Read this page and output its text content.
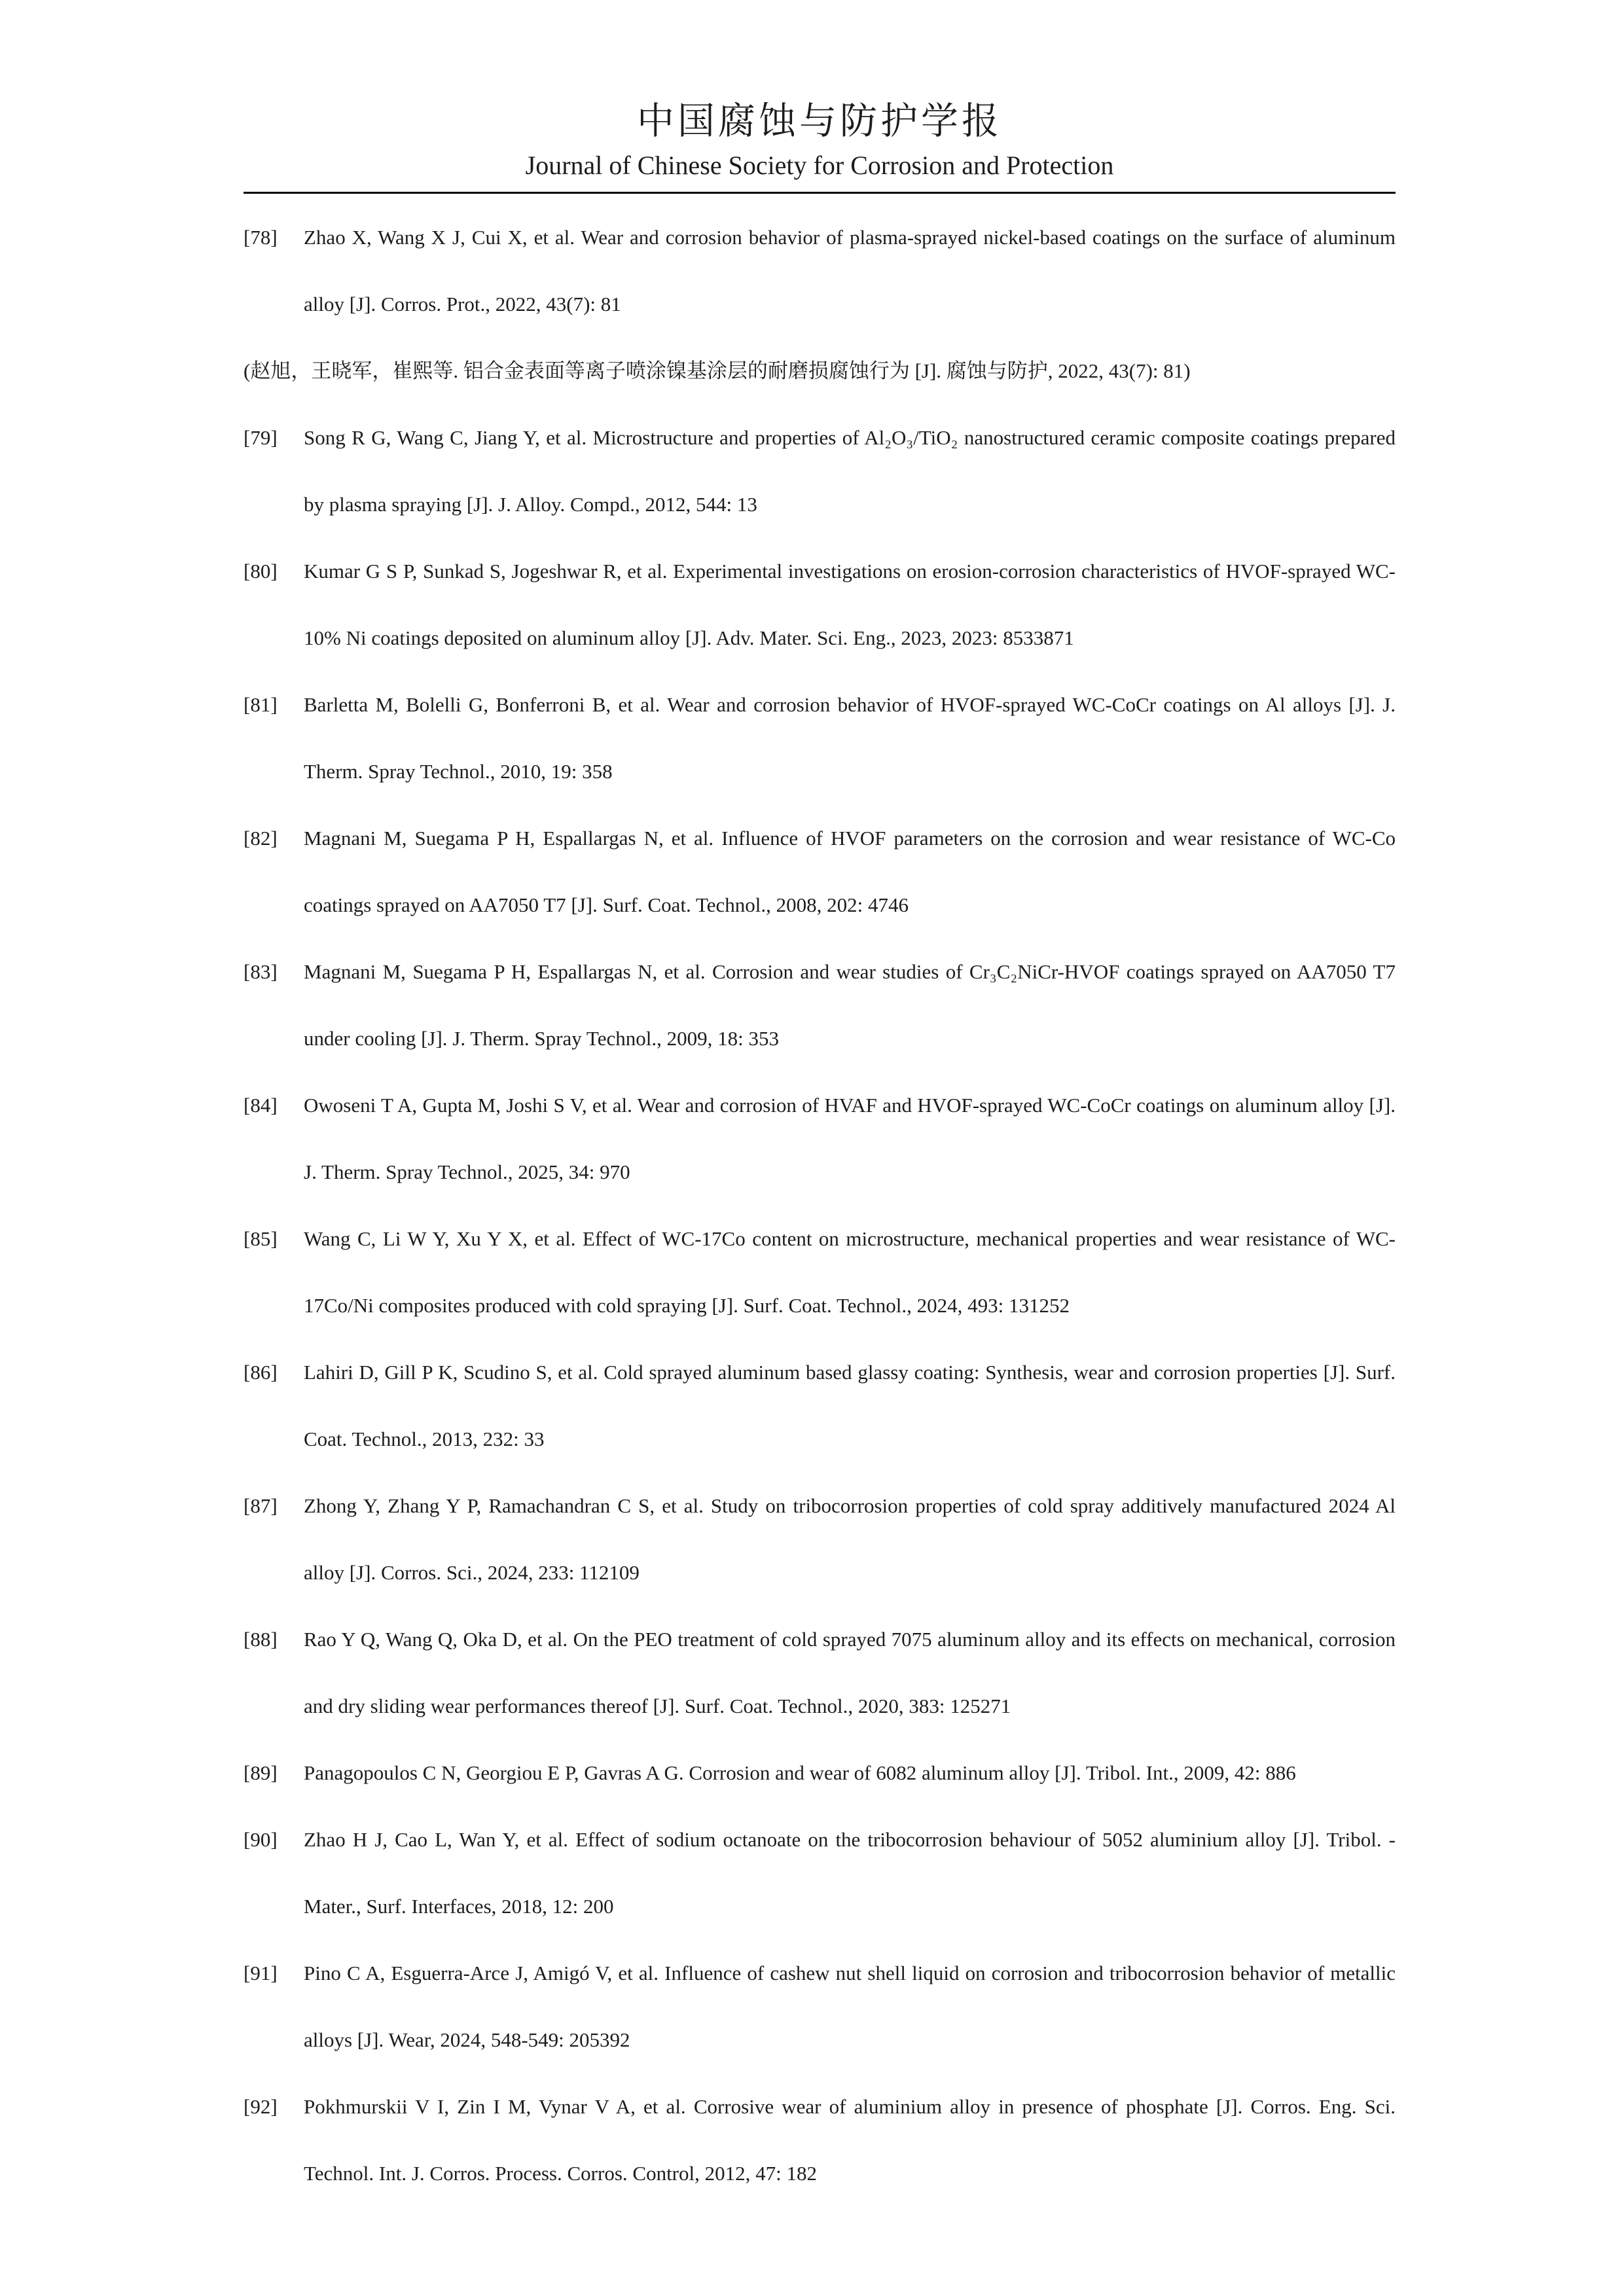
中国腐蚀与防护学报
Journal of Chinese Society for Corrosion and Protection
[78] Zhao X, Wang X J, Cui X, et al. Wear and corrosion behavior of plasma-sprayed nickel-based coatings on the surface of aluminum alloy [J]. Corros. Prot., 2022, 43(7): 81
(赵旭，王晓军，崔熙等. 铝合金表面等离子喷涂镍基涂层的耐磨损腐蚀行为 [J]. 腐蚀与防护, 2022, 43(7): 81)
[79] Song R G, Wang C, Jiang Y, et al. Microstructure and properties of Al₂O₃/TiO₂ nanostructured ceramic composite coatings prepared by plasma spraying [J]. J. Alloy. Compd., 2012, 544: 13
[80] Kumar G S P, Sunkad S, Jogeshwar R, et al. Experimental investigations on erosion‐corrosion characteristics of HVOF-sprayed WC-10% Ni coatings deposited on aluminum alloy [J]. Adv. Mater. Sci. Eng., 2023, 2023: 8533871
[81] Barletta M, Bolelli G, Bonferroni B, et al. Wear and corrosion behavior of HVOF-sprayed WC-CoCr coatings on Al alloys [J]. J. Therm. Spray Technol., 2010, 19: 358
[82] Magnani M, Suegama P H, Espallargas N, et al. Influence of HVOF parameters on the corrosion and wear resistance of WC-Co coatings sprayed on AA7050 T7 [J]. Surf. Coat. Technol., 2008, 202: 4746
[83] Magnani M, Suegama P H, Espallargas N, et al. Corrosion and wear studies of Cr₃C₂NiCr-HVOF coatings sprayed on AA7050 T7 under cooling [J]. J. Therm. Spray Technol., 2009, 18: 353
[84] Owoseni T A, Gupta M, Joshi S V, et al. Wear and corrosion of HVAF and HVOF-sprayed WC-CoCr coatings on aluminum alloy [J]. J. Therm. Spray Technol., 2025, 34: 970
[85] Wang C, Li W Y, Xu Y X, et al. Effect of WC-17Co content on microstructure, mechanical properties and wear resistance of WC-17Co/Ni composites produced with cold spraying [J]. Surf. Coat. Technol., 2024, 493: 131252
[86] Lahiri D, Gill P K, Scudino S, et al. Cold sprayed aluminum based glassy coating: Synthesis, wear and corrosion properties [J]. Surf. Coat. Technol., 2013, 232: 33
[87] Zhong Y, Zhang Y P, Ramachandran C S, et al. Study on tribocorrosion properties of cold spray additively manufactured 2024 Al alloy [J]. Corros. Sci., 2024, 233: 112109
[88] Rao Y Q, Wang Q, Oka D, et al. On the PEO treatment of cold sprayed 7075 aluminum alloy and its effects on mechanical, corrosion and dry sliding wear performances thereof [J]. Surf. Coat. Technol., 2020, 383: 125271
[89] Panagopoulos C N, Georgiou E P, Gavras A G. Corrosion and wear of 6082 aluminum alloy [J]. Tribol. Int., 2009, 42: 886
[90] Zhao H J, Cao L, Wan Y, et al. Effect of sodium octanoate on the tribocorrosion behaviour of 5052 aluminium alloy [J]. Tribol. - Mater., Surf. Interfaces, 2018, 12: 200
[91] Pino C A, Esguerra-Arce J, Amigó V, et al. Influence of cashew nut shell liquid on corrosion and tribocorrosion behavior of metallic alloys [J]. Wear, 2024, 548-549: 205392
[92] Pokhmurskii V I, Zin I M, Vynar V A, et al. Corrosive wear of aluminium alloy in presence of phosphate [J]. Corros. Eng. Sci. Technol. Int. J. Corros. Process. Corros. Control, 2012, 47: 182
